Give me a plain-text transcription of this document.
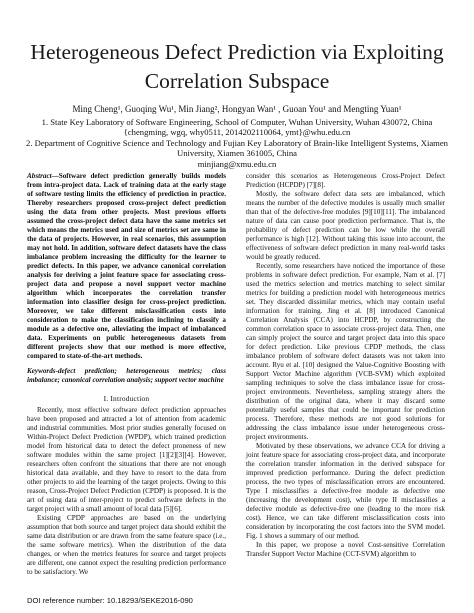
Heterogeneous Defect Prediction via Exploiting Correlation Subspace
Ming Cheng¹, Guoqing Wu¹, Min Jiang², Hongyan Wan¹ , Guoan You¹ and Mengting Yuan¹
1. State Key Laboratory of Software Engineering, School of Computer, Wuhan University, Wuhan 430072, China
{chengming, wgq, why0511, 2014202110064, ymt}@whu.edu.cn
2. Department of Cognitive Science and Technology and Fujian Key Laboratory of Brain-like Intelligent Systems, Xiamen University, Xiamen 361005, China
minjiang@xmu.edu.cn

Abstract—Software defect prediction generally builds models from intra-project data. Lack of training data at the early stage of software testing limits the efficiency of prediction in practice. Thereby researchers proposed cross-project defect prediction using the data from other projects. Most previous efforts assumed the cross-project defect data have the same metrics set which means the metrics used and size of metrics set are same in the data of projects. However, in real scenarios, this assumption may not hold. In addition, software defect datasets have the class imbalance problem increasing the difficulty for the learner to predict defects. In this paper, we advance canonical correlation analysis for deriving a joint feature space for associating cross-project data and propose a novel support vector machine algorithm which incorporates the correlation transfer information into classifier design for cross-project prediction. Moreover, we take different misclassification costs into consideration to make the classification inclining to classify a module as a defective one, alleviating the impact of imbalanced data. Experiments on public heterogeneous datasets from different projects show that our method is more effective, compared to state-of-the-art methods.

Keywords-defect prediction; heterogeneous metrics; class imbalance; canonical correlation analysis; support vector machine

I. Introduction

Recently, most effective software defect prediction approaches have been proposed and attracted a lot of attention from academic and industrial communities. Most prior studies generally focused on Within-Project Defect Prediction (WPDP), which trained prediction model from historical data to detect the defect proneness of new software modules within the same project [1][2][3][4]. However, researchers often confront the situations that there are not enough historical data available, and they have to resort to the data from other projects to aid the learning of the target projects. Owing to this reason, Cross-Project Defect Prediction (CPDP) is proposed. It is the art of using data of inter-project to predict software defects in the target project with a small amount of local data [5][6].

Existing CPDP approaches are based on the underlying assumption that both source and target project data should exhibit the same data distribution or are drawn from the same feature space (i.e., the same software metrics). When the distribution of the data changes, or when the metrics features for source and target projects are different, one cannot expect the resulting prediction performance to be satisfactory. We

consider this scenarios as Heterogeneous Cross-Project Defect Prediction (HCPDP) [7][8].

Mostly, the software defect data sets are imbalanced, which means the number of the defective modules is usually much smaller than that of the defective-free modules [9][10][11]. The imbalanced nature of data can cause poor prediction performance. That is, the probability of defect prediction can be low while the overall performance is high [12]. Without taking this issue into account, the effectiveness of software defect prediction in many real-world tasks would be greatly reduced.

Recently, some researchers have noticed the importance of these problems in software defect prediction. For example, Nam et al. [7] used the metrics selection and metrics matching to select similar metrics for building a prediction model with heterogeneous metrics set. They discarded dissimilar metrics, which may contain useful information for training. Jing et al. [8] introduced Canonical Correlation Analysis (CCA) into HCPDP, by constructing the common correlation space to associate cross-project data. Then, one can simply project the source and target project data into this space for defect prediction. Like previous CPDP methods, the class imbalance problem of software defect datasets was not taken into account. Ryu et al. [10] designed the Value-Cognitive Boosting with Support Vector Machine algorithm (VCB-SVM) which exploited sampling techniques to solve the class imbalance issue for cross-project environments. Nevertheless, sampling strategy alters the distribution of the original data, where it may discard some potentially useful samples that could be important for prediction process. Therefore, these methods are not good solutions for addressing the class imbalance issue under heterogeneous cross-project environments.

Motivated by these observations, we advance CCA for driving a joint feature space for associating cross-project data, and incorporate the correlation transfer information in the derived subspace for improved prediction performance. During the defect prediction process, the two types of misclassification errors are encountered. Type I misclassifies a defective-free module as defective one (increasing the development cost), while type II misclassifies a defective module as defective-free one (leading to the more risk cost). Hence, we can take different misclassification costs into consideration by incorporating the cost factors into the SVM model. Fig. 1 shows a summary of our method.

In this paper, we propose a novel Cost-sensitive Correlation Transfer Support Vector Machine (CCT-SVM) algorithm to

DOI reference number: 10.18293/SEKE2016-090
